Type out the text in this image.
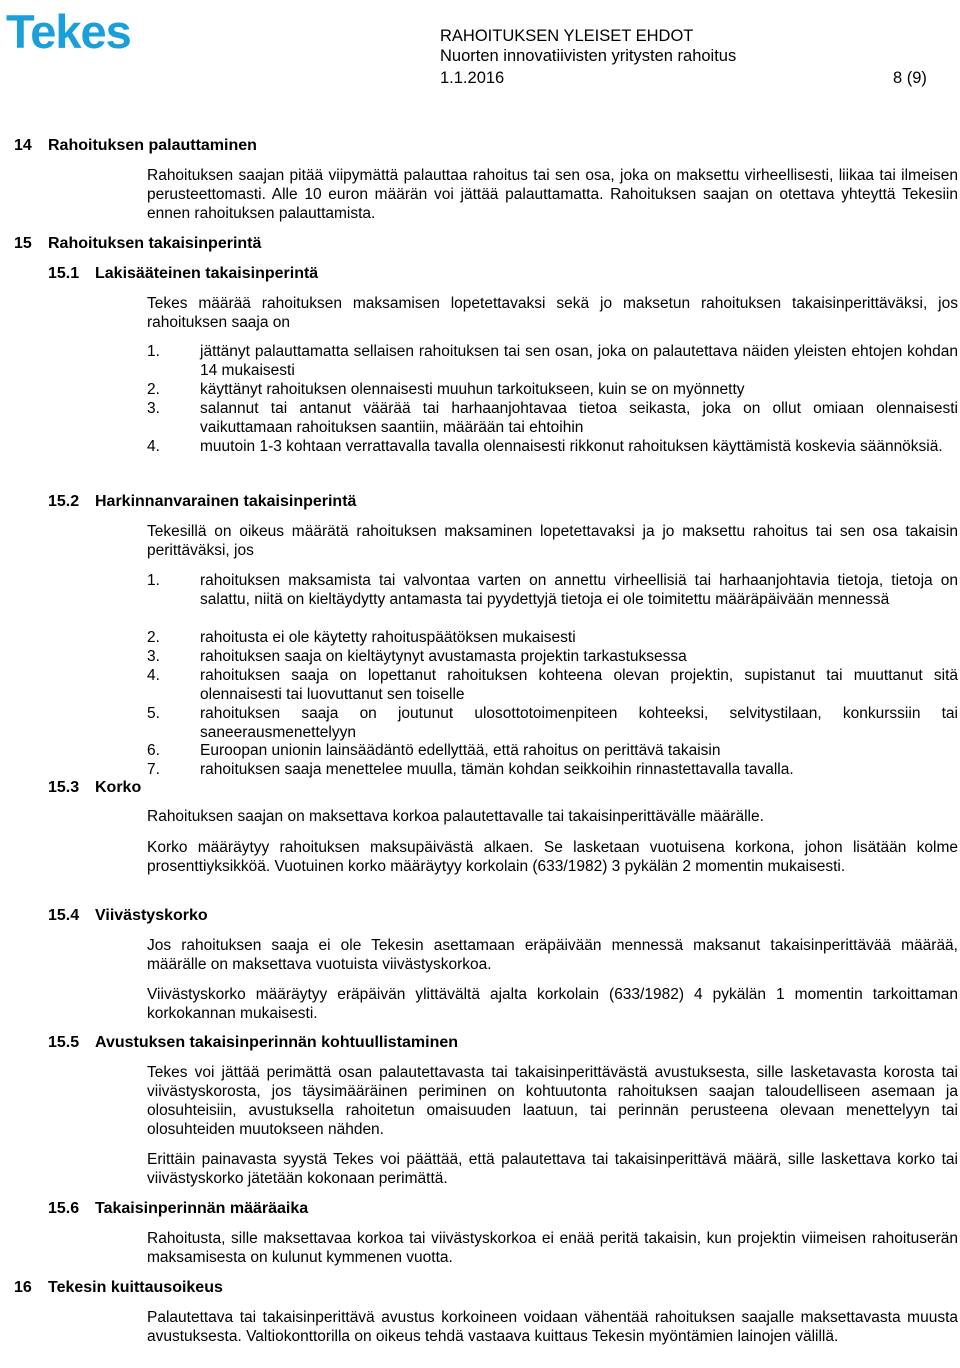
Tekes	RAHOITUKSEN YLEISET EHDOT
Nuorten innovatiivisten yritysten rahoitus
1.1.2016	8 (9)
14 Rahoituksen palauttaminen
Rahoituksen saajan pitää viipymättä palauttaa rahoitus tai sen osa, joka on maksettu virheellisesti, liikaa tai ilmeisen perusteettomasti. Alle 10 euron määrän voi jättää palauttamatta. Rahoituksen saajan on otettava yhteyttä Tekesiin ennen rahoituksen palauttamista.
15 Rahoituksen takaisinperintä
15.1 Lakisääteinen takaisinperintä
Tekes määrää rahoituksen maksamisen lopetettavaksi sekä jo maksetun rahoituksen takaisinperittäväksi, jos rahoituksen saaja on
1.	jättänyt palauttamatta sellaisen rahoituksen tai sen osan, joka on palautettava näiden yleisten ehtojen kohdan 14 mukaisesti
2.	käyttänyt rahoituksen olennaisesti muuhun tarkoitukseen, kuin se on myönnetty
3.	salannut tai antanut väärää tai harhaanjohtavaa tietoa seikasta, joka on ollut omiaan olennaisesti vaikuttamaan rahoituksen saantiin, määrään tai ehtoihin
4.	muutoin 1-3 kohtaan verrattavalla tavalla olennaisesti rikkonut rahoituksen käyttämistä koskevia säännöksiä.
15.2 Harkinnanvarainen takaisinperintä
Tekesillä on oikeus määrätä rahoituksen maksaminen lopetettavaksi ja jo maksettu rahoitus tai sen osa takaisin perittäväksi, jos
1.	rahoituksen maksamista tai valvontaa varten on annettu virheellisiä tai harhaanjohtavia tietoja, tietoja on salattu, niitä on kieltäydytty antamasta tai pyydettyjä tietoja ei ole toimitettu määräpäivään mennessä
2.	rahoitusta ei ole käytetty rahoituspäätöksen mukaisesti
3.	rahoituksen saaja on kieltäytynyt avustamasta projektin tarkastuksessa
4.	rahoituksen saaja on lopettanut rahoituksen kohteena olevan projektin, supistanut tai muuttanut sitä olennaisesti tai luovuttanut sen toiselle
5.	rahoituksen saaja on joutunut ulosottotoimenpiteen kohteeksi, selvitystilaan, konkurssiin tai saneerausmenettelyyn
6.	Euroopan unionin lainsäädäntö edellyttää, että rahoitus on perittävä takaisin
7.	rahoituksen saaja menettelee muulla, tämän kohdan seikkoihin rinnastettavalla tavalla.
15.3 Korko
Rahoituksen saajan on maksettava korkoa palautettavalle tai takaisinperittävälle määrälle.
Korko määräytyy rahoituksen maksupäivästä alkaen. Se lasketaan vuotuisena korkona, johon lisätään kolme prosenttiyksikköä. Vuotuinen korko määräytyy korkolain (633/1982) 3 pykälän 2 momentin mukaisesti.
15.4 Viivästyskorko
Jos rahoituksen saaja ei ole Tekesin asettamaan eräpäivään mennessä maksanut takaisinperittävää määrää, määrälle on maksettava vuotuista viivästyskorkoa.
Viivästyskorko määräytyy eräpäivän ylittävältä ajalta korkolain (633/1982) 4 pykälän 1 momentin tarkoittaman korkokannan mukaisesti.
15.5 Avustuksen takaisinperinnän kohtuullistaminen
Tekes voi jättää perimättä osan palautettavasta tai takaisinperittävästä avustuksesta, sille lasketavasta korosta tai viivästyskorosta, jos täysimääräinen periminen on kohtuutonta rahoituksen saajan taloudelliseen asemaan ja olosuhteisiin, avustuksella rahoitetun omaisuuden laatuun, tai perinnän perusteena olevaan menettelyyn tai olosuhteiden muutokseen nähden.
Erittäin painavasta syystä Tekes voi päättää, että palautettava tai takaisinperittävä määrä, sille laskettava korko tai viivästyskorko jätetään kokonaan perimättä.
15.6 Takaisinperinnän määräaika
Rahoitusta, sille maksettavaa korkoa tai viivästyskorkoa ei enää peritä takaisin, kun projektin viimeisen rahoituserän maksamisesta on kulunut kymmenen vuotta.
16 Tekesin kuittausoikeus
Palautettava tai takaisinperittävä avustus korkoineen voidaan vähentää rahoituksen saajalle maksettavasta muusta avustuksesta. Valtiokonttorilla on oikeus tehdä vastaava kuittaus Tekesin myöntämien lainojen välillä.
